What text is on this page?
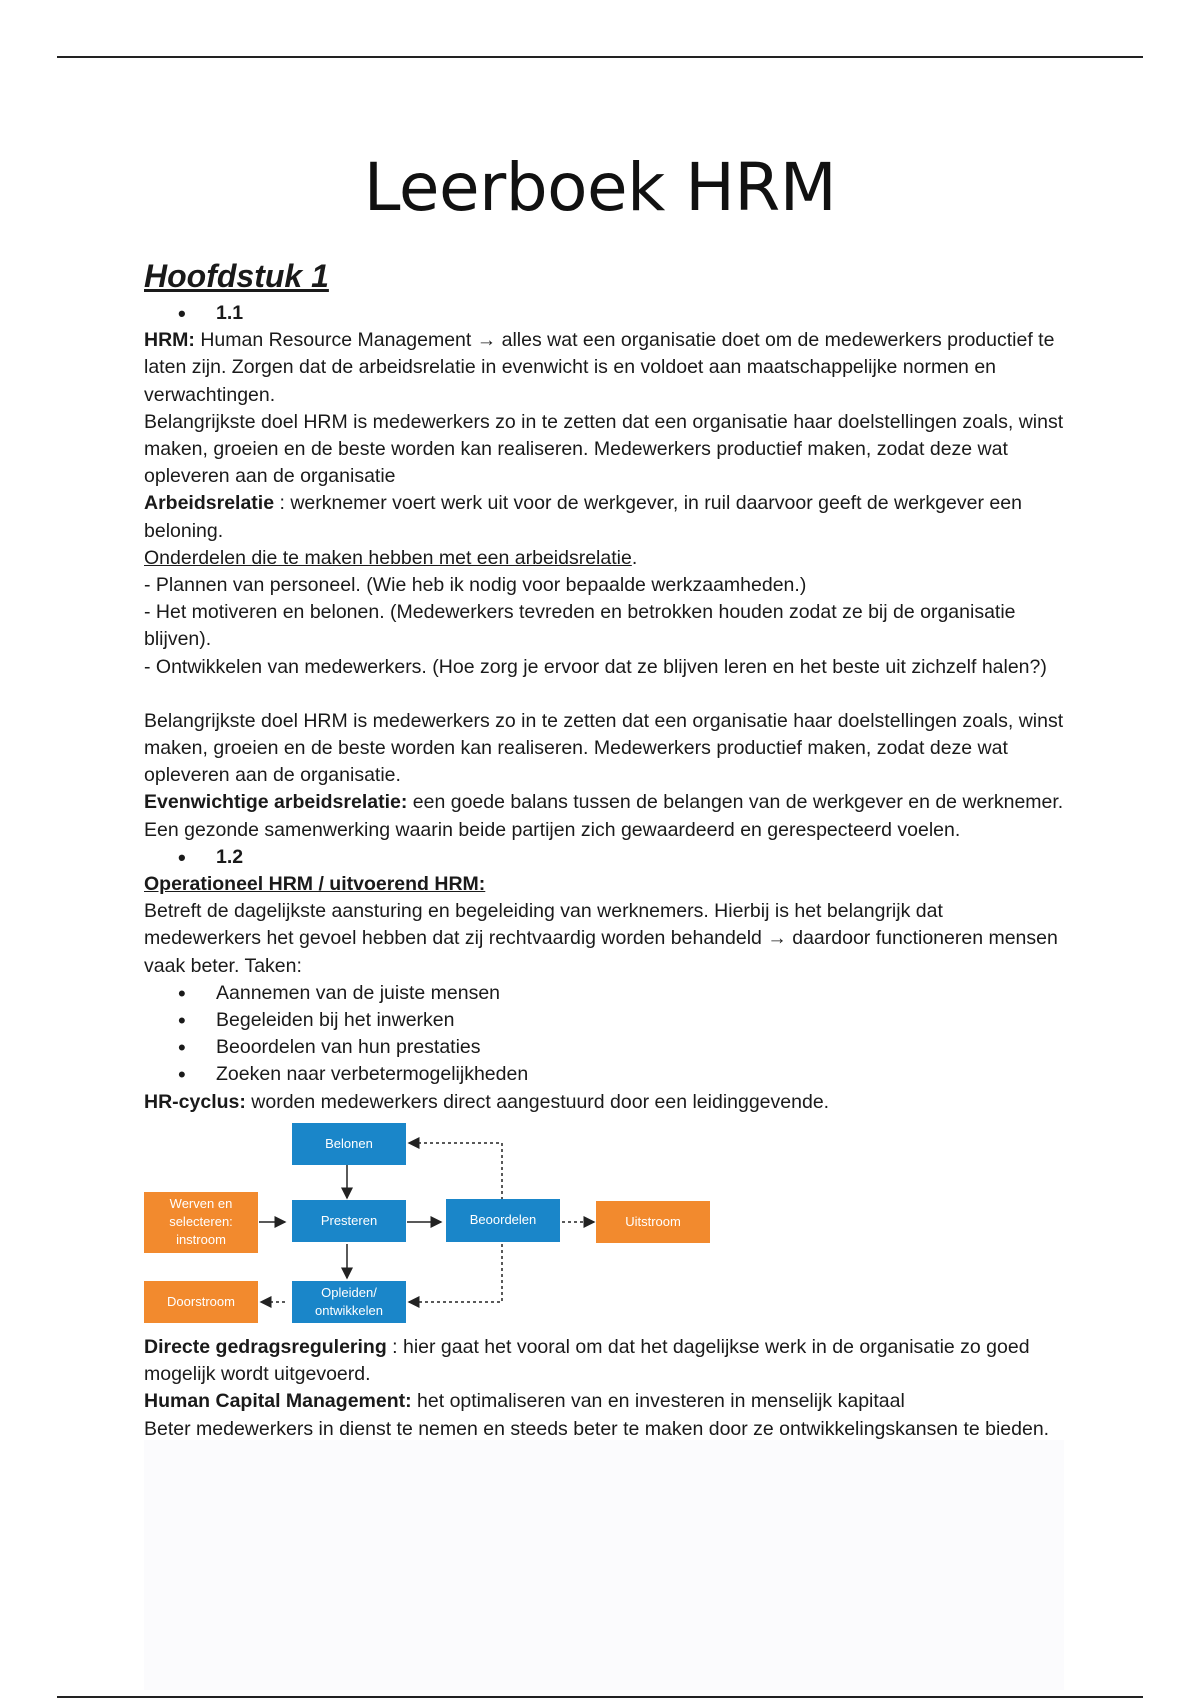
Leerboek HRM
Hoofdstuk 1

• 1.1

HRM: Human Resource Management → alles wat een organisatie doet om de medewerkers productief te laten zijn. Zorgen dat de arbeidsrelatie in evenwicht is en voldoet aan maatschappelijke normen en verwachtingen.

Belangrijkste doel HRM is medewerkers zo in te zetten dat een organisatie haar doelstellingen zoals, winst maken, groeien en de beste worden kan realiseren. Medewerkers productief maken, zodat deze wat opleveren aan de organisatie

Arbeidsrelatie : werknemer voert werk uit voor de werkgever, in ruil daarvoor geeft de werkgever een beloning.

Onderdelen die te maken hebben met een arbeidsrelatie.

- Plannen van personeel. (Wie heb ik nodig voor bepaalde werkzaamheden.)

- Het motiveren en belonen. (Medewerkers tevreden en betrokken houden zodat ze bij de organisatie blijven).

- Ontwikkelen van medewerkers. (Hoe zorg je ervoor dat ze blijven leren en het beste uit zichzelf halen?)

Belangrijkste doel HRM is medewerkers zo in te zetten dat een organisatie haar doelstellingen zoals, winst maken, groeien en de beste worden kan realiseren. Medewerkers productief maken, zodat deze wat opleveren aan de organisatie.

Evenwichtige arbeidsrelatie: een goede balans tussen de belangen van de werkgever en de werknemer. Een gezonde samenwerking waarin beide partijen zich gewaardeerd en gerespecteerd voelen.

• 1.2

Operationeel HRM / uitvoerend HRM:

Betreft de dagelijkste aansturing en begeleiding van werknemers. Hierbij is het belangrijk dat medewerkers het gevoel hebben dat zij rechtvaardig worden behandeld → daardoor functioneren mensen vaak beter. Taken:

• Aannemen van de juiste mensen

• Begeleiden bij het inwerken

• Beoordelen van hun prestaties

• Zoeken naar verbetermogelijkheden

HR-cyclus: worden medewerkers direct aangestuurd door een leidinggevende.

Belonen
Werven en selecteren: instroom
Presteren	Beoordelen	Uitstroom
Doorstroom
Opleiden/ ontwikkelen

Directe gedragsregulering : hier gaat het vooral om dat het dagelijkse werk in de organisatie zo goed mogelijk wordt uitgevoerd.

Human Capital Management: het optimaliseren van en investeren in menselijk kapitaal

Beter medewerkers in dienst te nemen en steeds beter te maken door ze ontwikkelingskansen te bieden.
